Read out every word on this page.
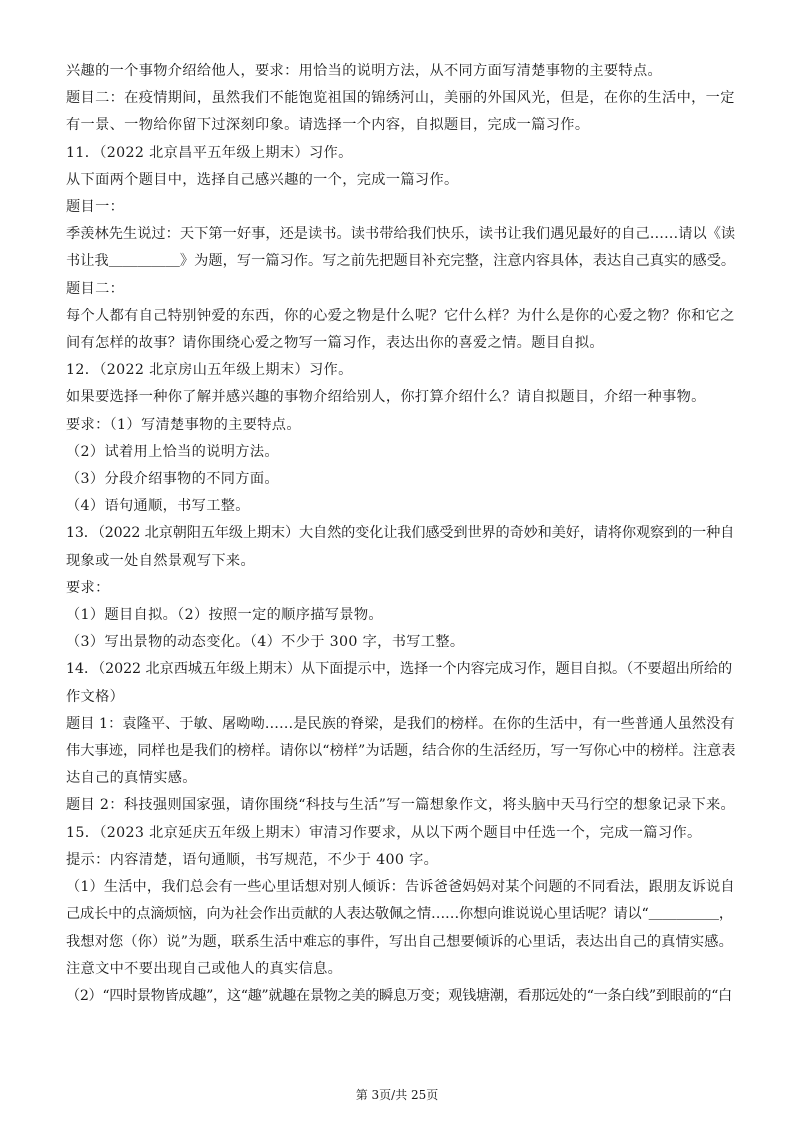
兴趣的一个事物介绍给他人，要求：用恰当的说明方法，从不同方面写清楚事物的主要特点。
题目二：在疫情期间，虽然我们不能饱览祖国的锦绣河山，美丽的外国风光，但是，在你的生活中，一定
有一景、一物给你留下过深刻印象。请选择一个内容，自拟题目，完成一篇习作。
11．（2022 北京昌平五年级上期末）习作。
从下面两个题目中，选择自己感兴趣的一个，完成一篇习作。
题目一：
季羡林先生说过：天下第一好事，还是读书。读书带给我们快乐，读书让我们遇见最好的自己……请以《读
书让我＿＿＿＿＿》为题，写一篇习作。写之前先把题目补充完整，注意内容具体，表达自己真实的感受。
题目二：
每个人都有自己特别钟爱的东西，你的心爱之物是什么呢？它什么样？为什么是你的心爱之物？你和它之
间有怎样的故事？请你围绕心爱之物写一篇习作，表达出你的喜爱之情。题目自拟。
12．（2022 北京房山五年级上期末）习作。
如果要选择一种你了解并感兴趣的事物介绍给别人，你打算介绍什么？请自拟题目，介绍一种事物。
要求：（1）写清楚事物的主要特点。
（2）试着用上恰当的说明方法。
（3）分段介绍事物的不同方面。
（4）语句通顺，书写工整。
13．（2022 北京朝阳五年级上期末）大自然的变化让我们感受到世界的奇妙和美好，请将你观察到的一种自
现象或一处自然景观写下来。
要求：
（1）题目自拟。（2）按照一定的顺序描写景物。
（3）写出景物的动态变化。（4）不少于 300 字，书写工整。
14．（2022 北京西城五年级上期末）从下面提示中，选择一个内容完成习作，题目自拟。（不要超出所给的
作文格）
题目 1：袁隆平、于敏、屠呦呦……是民族的脊梁，是我们的榜样。在你的生活中，有一些普通人虽然没有
伟大事迹，同样也是我们的榜样。请你以“榜样”为话题，结合你的生活经历，写一写你心中的榜样。注意表
达自己的真情实感。
题目 2：科技强则国家强，请你围绕“科技与生活”写一篇想象作文，将头脑中天马行空的想象记录下来。
15．（2023 北京延庆五年级上期末）审清习作要求，从以下两个题目中任选一个，完成一篇习作。
提示：内容清楚，语句通顺，书写规范，不少于 400 字。
（1）生活中，我们总会有一些心里话想对别人倾诉：告诉爸爸妈妈对某个问题的不同看法，跟朋友诉说自
己成长中的点滴烦恼，向为社会作出贡献的人表达敬佩之情……你想向谁说说心里话呢？请以“＿＿＿＿＿，
我想对您（你）说”为题，联系生活中难忘的事件，写出自己想要倾诉的心里话，表达出自己的真情实感。
注意文中不要出现自己或他人的真实信息。
（2）“四时景物皆成趣”，这“趣”就趣在景物之美的瞬息万变；观钱塘潮，看那远处的“一条白线”到眼前的“白
第 3页/共 25页
